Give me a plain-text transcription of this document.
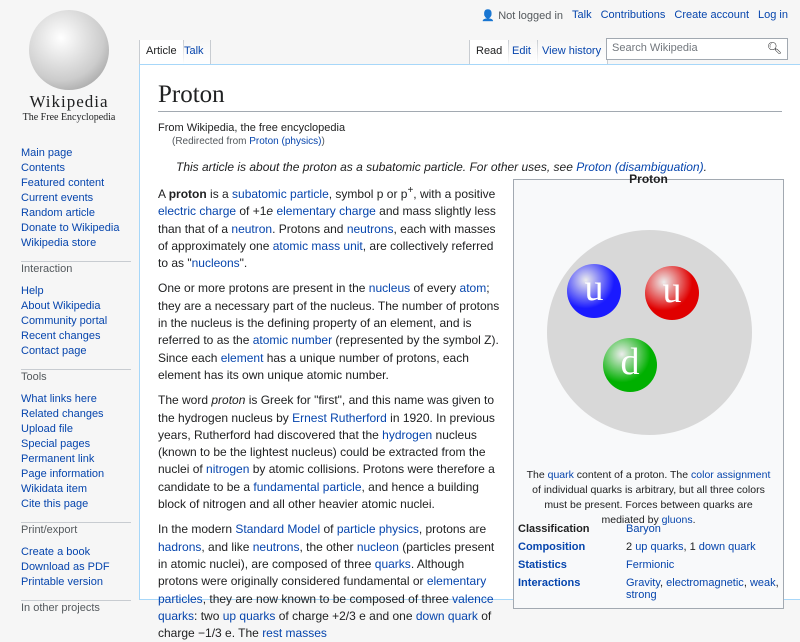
Wikipedia
The Free Encyclopedia
👤 Not logged in Talk Contributions Create account Log in
Article Talk	Read Edit	View history Search Wikipedia	🔍︎
Main page
Contents
Featured content
Current events
Random article
Donate to Wikipedia
Wikipedia store
Interaction
Help
About Wikipedia
Community portal
Recent changes
Contact page
Tools
What links here
Related changes
Upload file
Special pages
Permanent link
Page information
Wikidata item
Cite this page
Print/export
Create a book
Download as PDF
Printable version
In other projects
Proton
From Wikipedia, the free encyclopedia
(Redirected from Proton (physics))
This article is about the proton as a subatomic particle. For other uses, see Proton (disambiguation).

A proton is a subatomic particle, symbol p or p+, with a positive electric charge of +1e elementary charge and mass slightly less than that of a neutron. Protons and neutrons, each with masses of approximately one atomic mass unit, are collectively referred to as "nucleons".

One or more protons are present in the nucleus of every atom; they are a necessary part of the nucleus. The number of protons in the nucleus is the defining property of an element, and is referred to as the atomic number (represented by the symbol Z). Since each element has a unique number of protons, each element has its own unique atomic number.

The word proton is Greek for "first", and this name was given to the hydrogen nucleus by Ernest Rutherford in 1920. In previous years, Rutherford had discovered that the hydrogen nucleus (known to be the lightest nucleus) could be extracted from the nuclei of nitrogen by atomic collisions. Protons were therefore a candidate to be a fundamental particle, and hence a building block of nitrogen and all other heavier atomic nuclei.

In the modern Standard Model of particle physics, protons are hadrons, and like neutrons, the other nucleon (particles present in atomic nuclei), are composed of three quarks. Although protons were originally considered fundamental or elementary particles, they are now known to be composed of three valence quarks: two up quarks of charge +2/3 e and one down quark of charge −1/3 e. The rest masses

Proton
u	u
d
The quark content of a proton. The color assignment of individual quarks is arbitrary, but all three colors must be present. Forces between quarks are mediated by gluons.
Classification	Baryon
Composition	2 up quarks, 1 down quark
Statistics	Fermionic
Interactions	Gravity, electromagnetic, weak, strong
